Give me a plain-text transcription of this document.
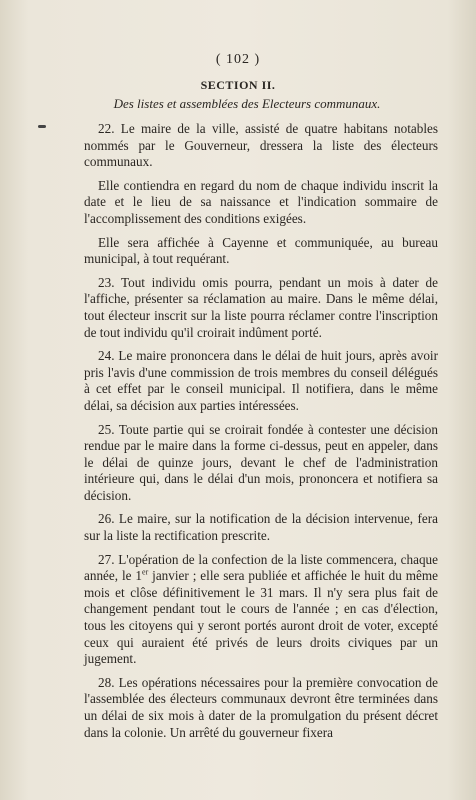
( 102 )
SECTION II.
Des listes et assemblées des Electeurs communaux.

22. Le maire de la ville, assisté de quatre habitans notables nommés par le Gouverneur, dressera la liste des électeurs communaux.

Elle contiendra en regard du nom de chaque individu inscrit la date et le lieu de sa naissance et l'indication sommaire de l'accomplissement des conditions exigées.

Elle sera affichée à Cayenne et communiquée, au bureau municipal, à tout requérant.

23. Tout individu omis pourra, pendant un mois à dater de l'affiche, présenter sa réclamation au maire. Dans le même délai, tout électeur inscrit sur la liste pourra réclamer contre l'inscription de tout individu qu'il croirait indûment porté.

24. Le maire prononcera dans le délai de huit jours, après avoir pris l'avis d'une commission de trois membres du conseil délégués à cet effet par le conseil municipal. Il notifiera, dans le même délai, sa décision aux parties intéressées.

25. Toute partie qui se croirait fondée à contester une décision rendue par le maire dans la forme ci-dessus, peut en appeler, dans le délai de quinze jours, devant le chef de l'administration intérieure qui, dans le délai d'un mois, prononcera et notifiera sa décision.

26. Le maire, sur la notification de la décision intervenue, fera sur la liste la rectification prescrite.

27. L'opération de la confection de la liste commencera, chaque année, le 1er janvier ; elle sera publiée et affichée le huit du même mois et clôse définitivement le 31 mars. Il n'y sera plus fait de changement pendant tout le cours de l'année ; en cas d'élection, tous les citoyens qui y seront portés auront droit de voter, excepté ceux qui auraient été privés de leurs droits civiques par un jugement.

28. Les opérations nécessaires pour la première convocation de l'assemblée des électeurs communaux devront être terminées dans un délai de six mois à dater de la promulgation du présent décret dans la colonie. Un arrêté du gouverneur fixera
